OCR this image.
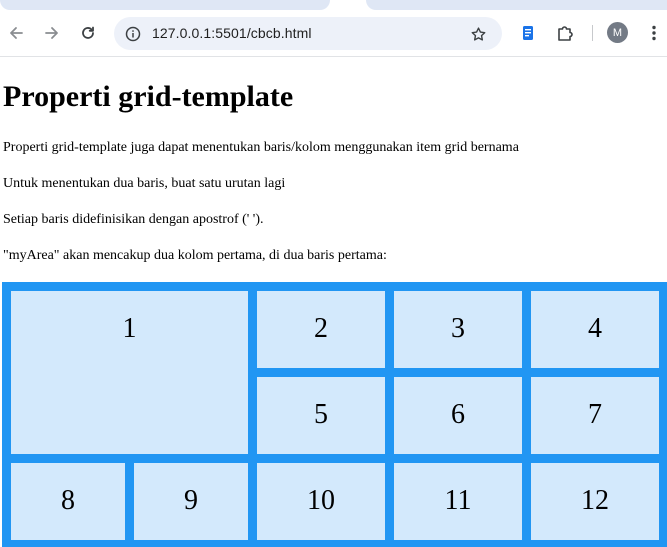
127.0.0.1:5501/cbcb.html	M
Properti grid-template

Properti grid-template juga dapat menentukan baris/kolom menggunakan item grid bernama

Untuk menentukan dua baris, buat satu urutan lagi

Setiap baris didefinisikan dengan apostrof (' ').

"myArea" akan mencakup dua kolom pertama, di dua baris pertama:

1	2	3	4
5	6	7
8	9	10	11	12
